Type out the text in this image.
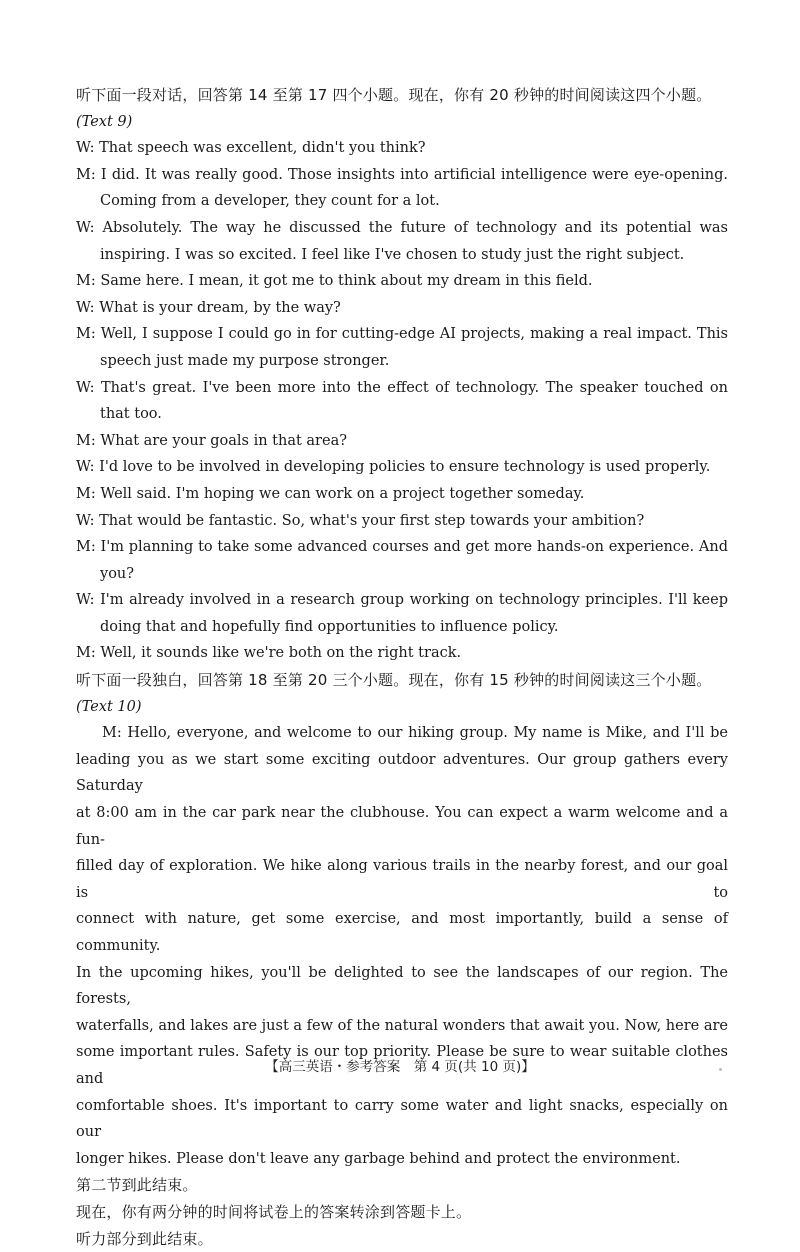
听下面一段对话，回答第 14 至第 17 四个小题。现在，你有 20 秒钟的时间阅读这四个小题。
(Text 9)
W: That speech was excellent, didn't you think?
M: I did. It was really good. Those insights into artificial intelligence were eye-opening. Coming from a developer, they count for a lot.
W: Absolutely. The way he discussed the future of technology and its potential was inspiring. I was so excited. I feel like I've chosen to study just the right subject.
M: Same here. I mean, it got me to think about my dream in this field.
W: What is your dream, by the way?
M: Well, I suppose I could go in for cutting-edge AI projects, making a real impact. This speech just made my purpose stronger.
W: That's great. I've been more into the effect of technology. The speaker touched on that too.
M: What are your goals in that area?
W: I'd love to be involved in developing policies to ensure technology is used properly.
M: Well said. I'm hoping we can work on a project together someday.
W: That would be fantastic. So, what's your first step towards your ambition?
M: I'm planning to take some advanced courses and get more hands-on experience. And you?
W: I'm already involved in a research group working on technology principles. I'll keep doing that and hopefully find opportunities to influence policy.
M: Well, it sounds like we're both on the right track.
听下面一段独白，回答第 18 至第 20 三个小题。现在，你有 15 秒钟的时间阅读这三个小题。
(Text 10)
M: Hello, everyone, and welcome to our hiking group. My name is Mike, and I'll be
leading you as we start some exciting outdoor adventures. Our group gathers every Saturday
at 8:00 am in the car park near the clubhouse. You can expect a warm welcome and a fun-
filled day of exploration. We hike along various trails in the nearby forest, and our goal is to
connect with nature, get some exercise, and most importantly, build a sense of community.
In the upcoming hikes, you'll be delighted to see the landscapes of our region. The forests,
waterfalls, and lakes are just a few of the natural wonders that await you. Now, here are
some important rules. Safety is our top priority. Please be sure to wear suitable clothes and
comfortable shoes. It's important to carry some water and light snacks, especially on our
longer hikes. Please don't leave any garbage behind and protect the environment.
第二节到此结束。
现在，你有两分钟的时间将试卷上的答案转涂到答题卡上。
听力部分到此结束。
【高三英语・参考答案　第 4 页(共 10 页)】
